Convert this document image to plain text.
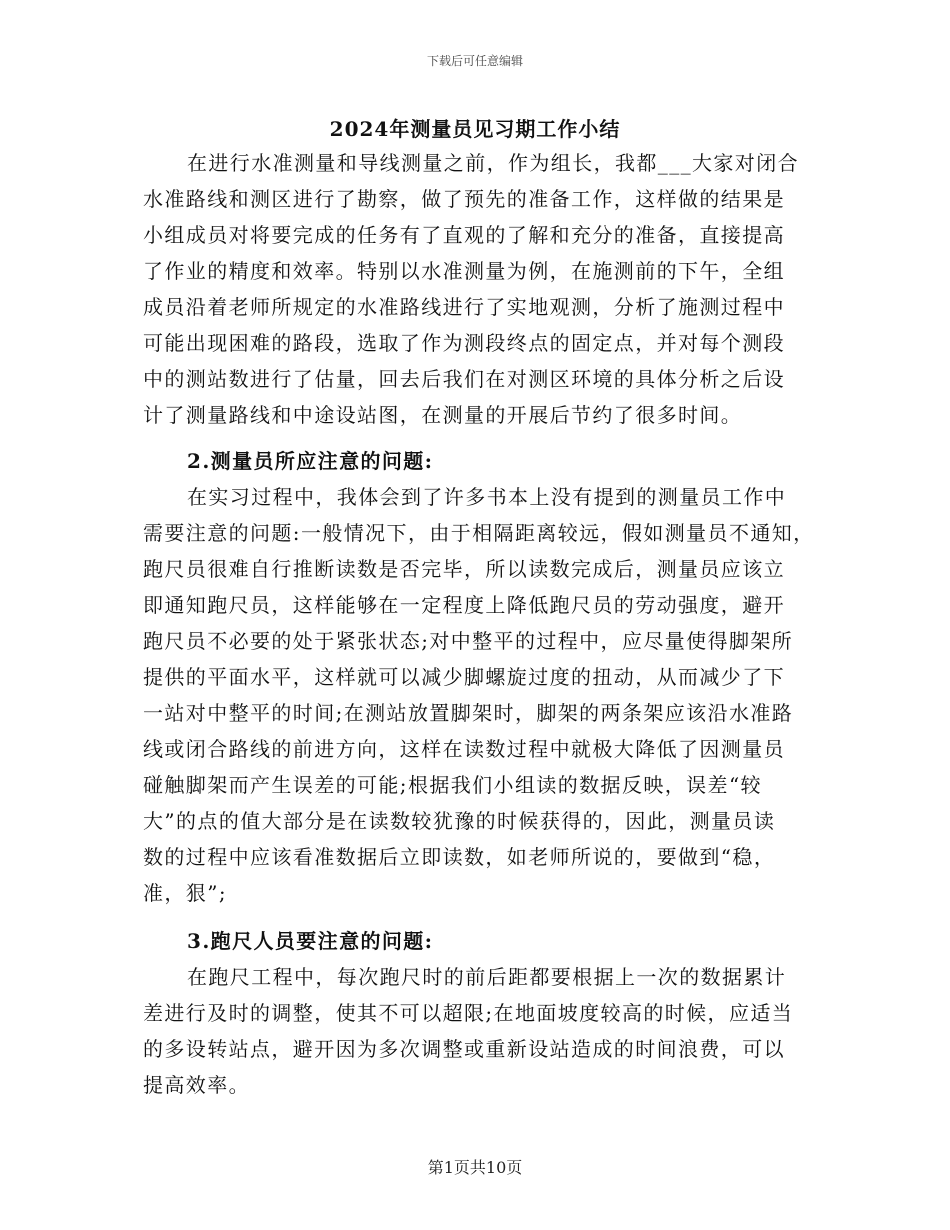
下载后可任意编辑
2024年测量员见习期工作小结
在进行水准测量和导线测量之前，作为组长，我都___大家对闭合
水准路线和测区进行了勘察，做了预先的准备工作，这样做的结果是
小组成员对将要完成的任务有了直观的了解和充分的准备，直接提高
了作业的精度和效率。特别以水准测量为例，在施测前的下午，全组
成员沿着老师所规定的水准路线进行了实地观测，分析了施测过程中
可能出现困难的路段，选取了作为测段终点的固定点，并对每个测段
中的测站数进行了估量，回去后我们在对测区环境的具体分析之后设
计了测量路线和中途设站图，在测量的开展后节约了很多时间。
2.测量员所应注意的问题:
在实习过程中，我体会到了许多书本上没有提到的测量员工作中
需要注意的问题:一般情况下，由于相隔距离较远，假如测量员不通知，
跑尺员很难自行推断读数是否完毕，所以读数完成后，测量员应该立
即通知跑尺员，这样能够在一定程度上降低跑尺员的劳动强度，避开
跑尺员不必要的处于紧张状态;对中整平的过程中，应尽量使得脚架所
提供的平面水平，这样就可以减少脚螺旋过度的扭动，从而减少了下
一站对中整平的时间;在测站放置脚架时，脚架的两条架应该沿水准路
线或闭合路线的前进方向，这样在读数过程中就极大降低了因测量员
碰触脚架而产生误差的可能;根据我们小组读的数据反映，误差“较
大”的点的值大部分是在读数较犹豫的时候获得的，因此，测量员读
数的过程中应该看准数据后立即读数，如老师所说的，要做到“稳，
准，狠”;
3.跑尺人员要注意的问题:
在跑尺工程中，每次跑尺时的前后距都要根据上一次的数据累计
差进行及时的调整，使其不可以超限;在地面坡度较高的时候，应适当
的多设转站点，避开因为多次调整或重新设站造成的时间浪费，可以
提高效率。
第1页共10页
